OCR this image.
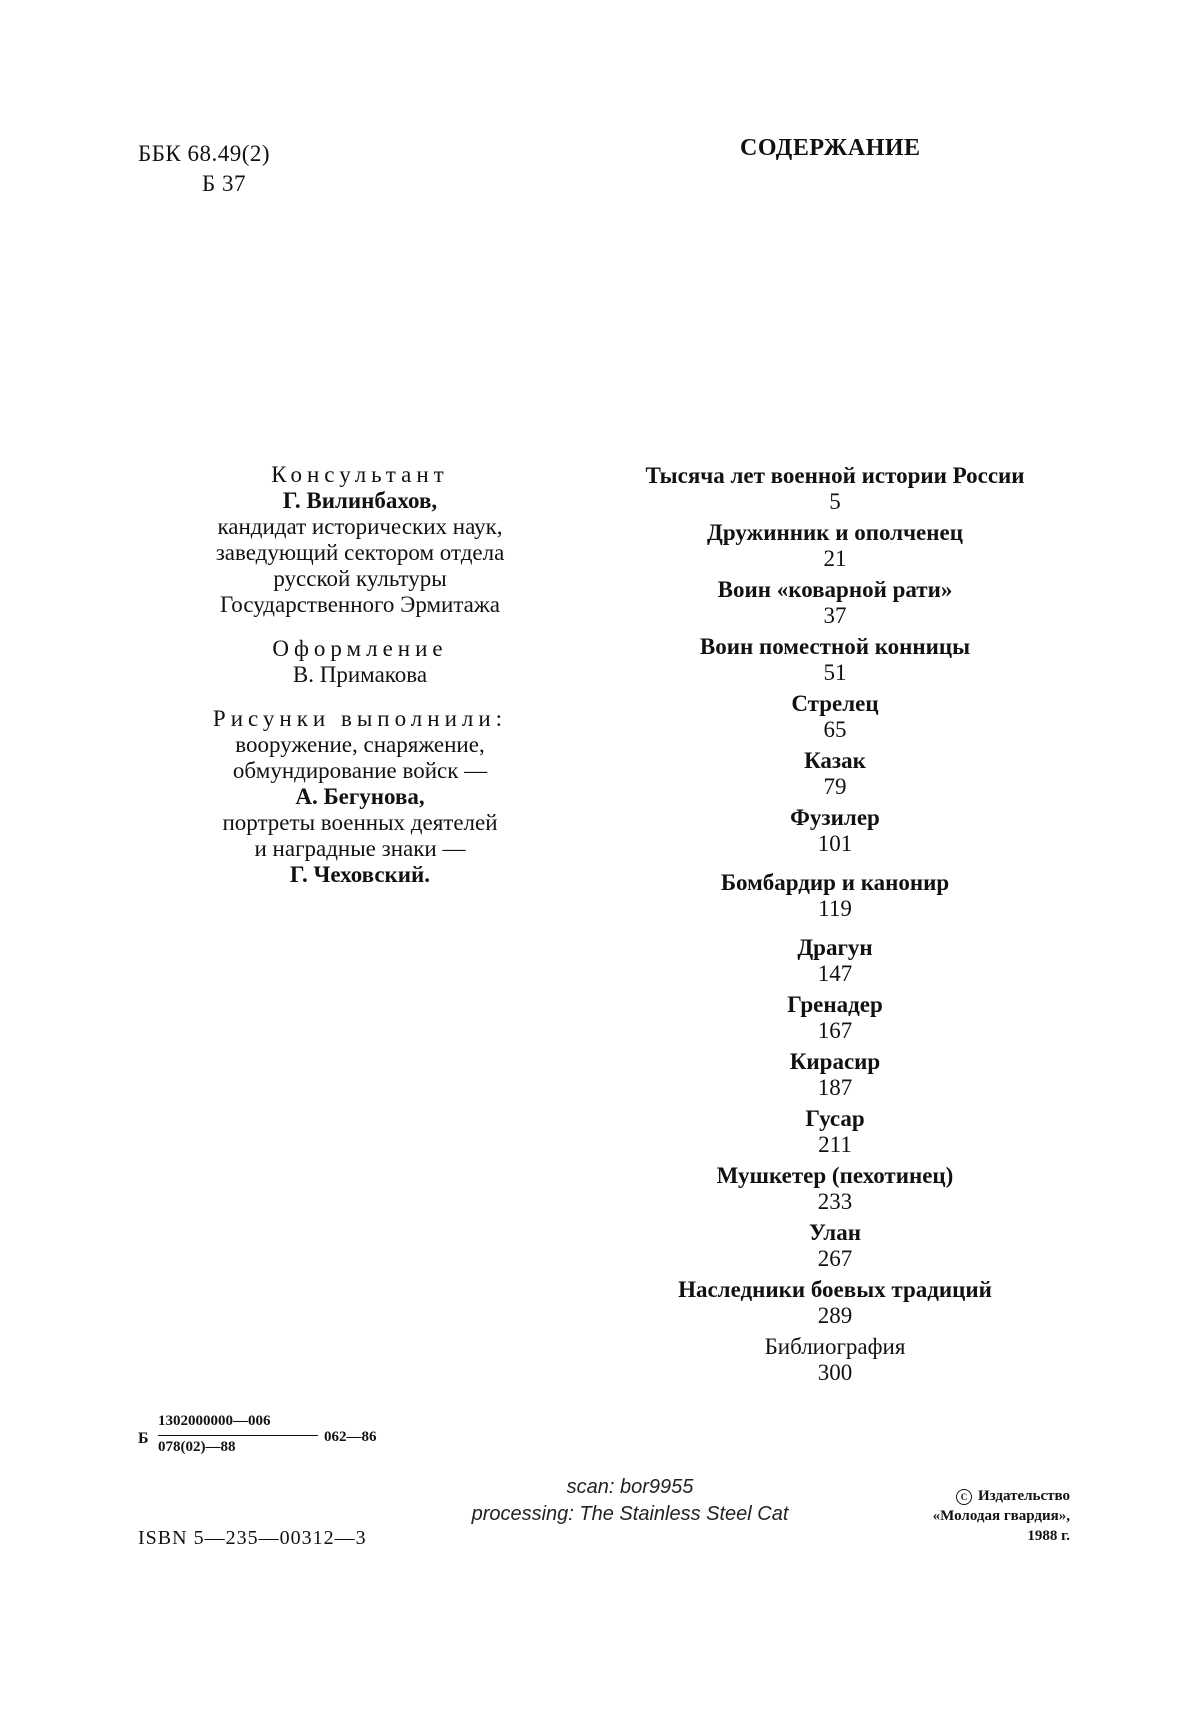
ББК 68.49(2)
Б 37
СОДЕРЖАНИЕ
Консультант
Г. Вилинбахов,
кандидат исторических наук,
заведующий сектором отдела
русской культуры
Государственного Эрмитажа
Оформление
В. Примакова
Рисунки выполнили:
вооружение, снаряжение,
обмундирование войск —
А. Бегунова,
портреты военных деятелей
и наградные знаки —
Г. Чеховский.
Тысяча лет военной истории России
5
Дружинник и ополченец
21
Воин «коварной рати»
37
Воин поместной конницы
51
Стрелец
65
Казак
79
Фузилер
101
Бомбардир и канонир
119
Драгун
147
Гренадер
167
Кирасир
187
Гусар
211
Мушкетер (пехотинец)
233
Улан
267
Наследники боевых традиций
289
Библиография
300
Б
1302000000—006
078(02)—88
062—86
scan: bor9955
processing: The Stainless Steel Cat
ISBN 5—235—00312—3
C Издательство
«Молодая гвардия»,
1988 г.
